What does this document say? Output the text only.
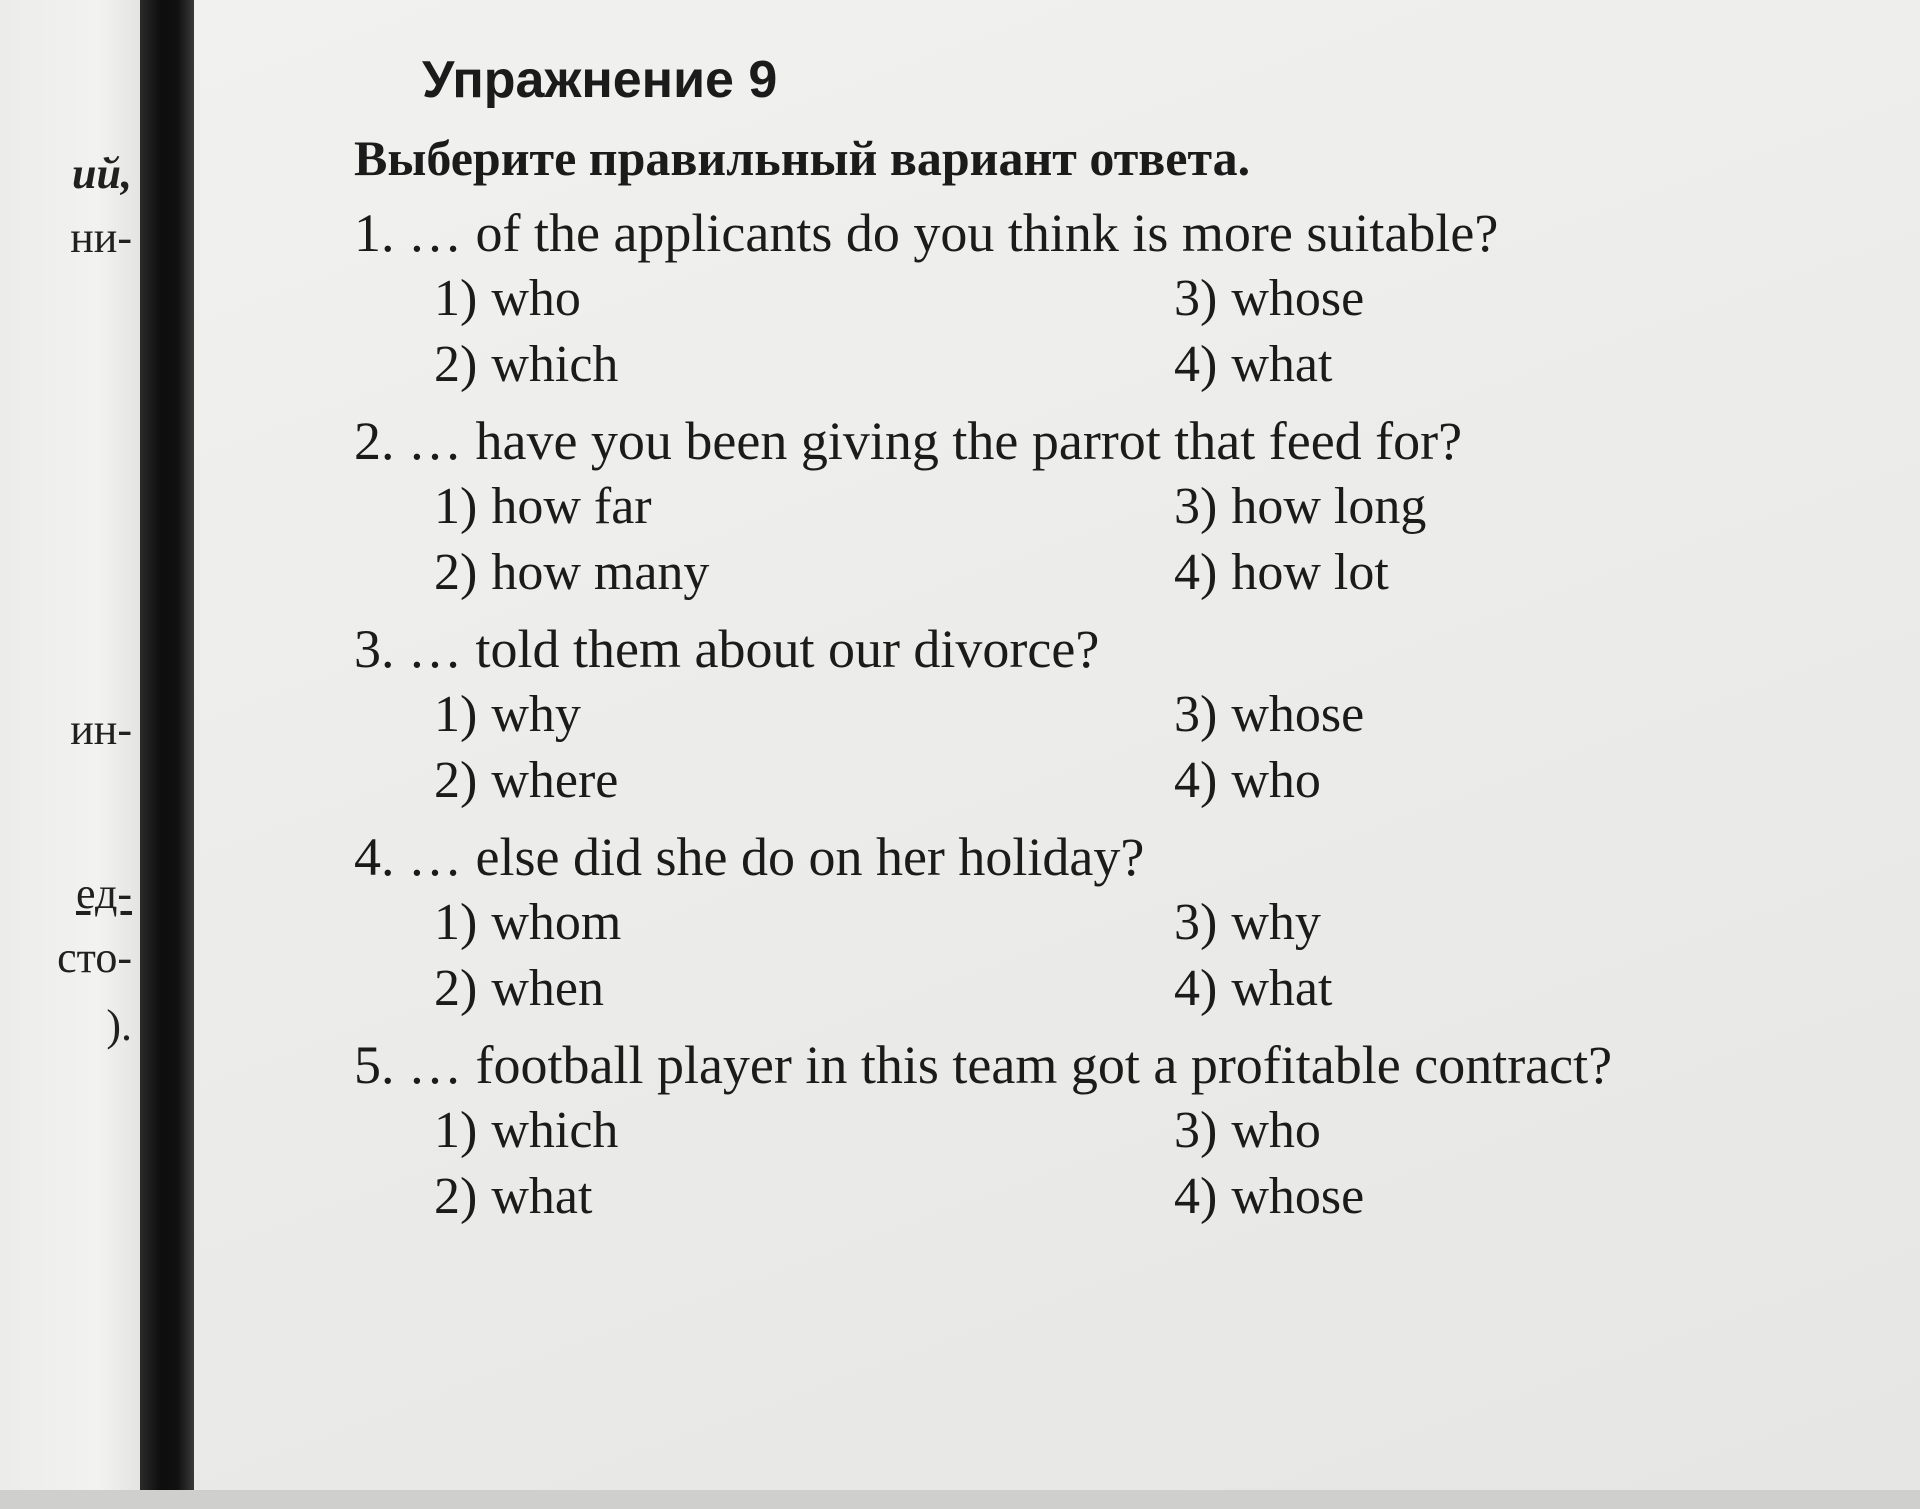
ий,
ни-
ин-
ед-
сто-
).
Упражнение 9
Выберите правильный вариант ответа.
1. … of the applicants do you think is more suitable?
1) who	3) whose
2) which	4) what
2. … have you been giving the parrot that feed for?
1) how far	3) how long
2) how many	4) how lot
3. … told them about our divorce?
1) why	3) whose
2) where	4) who
4. … else did she do on her holiday?
1) whom	3) why
2) when	4) what
5. … football player in this team got a profitable contract?
1) which	3) who
2) what	4) whose
